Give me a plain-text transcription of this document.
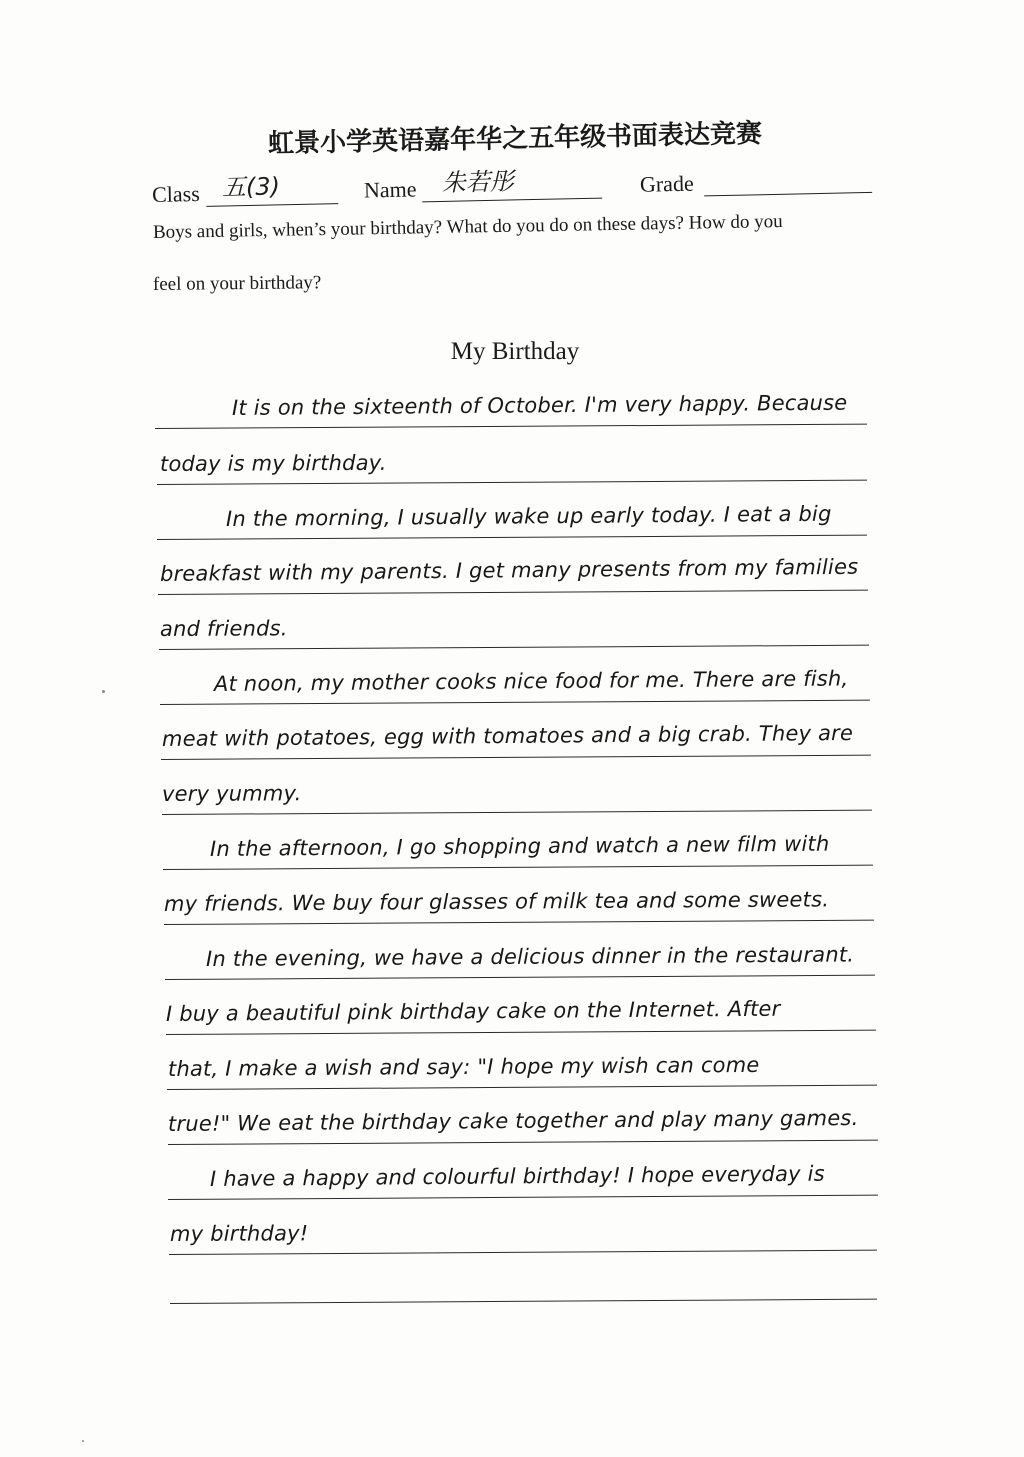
虹景小学英语嘉年华之五年级书面表达竞赛
Class 五(3)	Name 朱若彤	Grade
Boys and girls, when’s your birthday? What do you do on these days? How do you
feel on your birthday?
My Birthday
It is on the sixteenth of October. I'm very happy. Because
today is my birthday.
In the morning, I usually wake up early today. I eat a big
breakfast with my parents. I get many presents from my families
and friends.
At noon, my mother cooks nice food for me. There are fish,
meat with potatoes, egg with tomatoes and a big crab. They are
very yummy.
In the afternoon, I go shopping and watch a new film with
my friends. We buy four glasses of milk tea and some sweets.
In the evening, we have a delicious dinner in the restaurant.
I buy a beautiful pink birthday cake on the Internet. After
that, I make a wish and say: "I hope my wish can come
true!" We eat the birthday cake together and play many games.
I have a happy and colourful birthday! I hope everyday is
my birthday!
